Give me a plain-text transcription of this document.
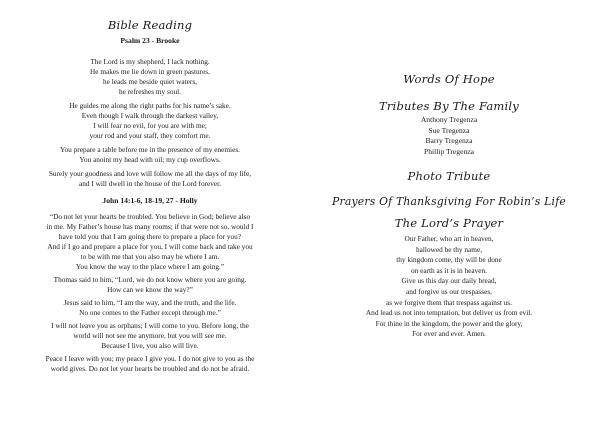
Bible Reading

Psalm 23 - Brooke

The Lord is my shepherd, I lack nothing.
He makes me lie down in green pastures,
he leads me beside quiet waters,
he refreshes my soul.

He guides me along the right paths for his name’s sake.
Even though I walk through the darkest valley,
I will fear no evil, for you are with me;
your rod and your staff, they comfort me.

You prepare a table before me in the presence of my enemies.
You anoint my head with oil; my cup overflows.

Surely your goodness and love will follow me all the days of my life,
and I will dwell in the house of the Lord forever.

John 14:1-6, 18-19, 27 - Holly

“Do not let your hearts be troubled. You believe in God; believe also
in me. My Father’s house has many rooms; if that were not so, would I
have told you that I am going there to prepare a place for you?
And if I go and prepare a place for you, I will come back and take you
to be with me that you also may be where I am.
You know the way to the place where I am going.”

Thomas said to him, “Lord, we do not know where you are going.
How can we know the way?”

Jesus said to him, “I am the way, and the truth, and the life.
No one comes to the Father except through me.”

I will not leave you as orphans; I will come to you. Before long, the
world will not see me anymore, but you will see me.
Because I live, you also will live.

Peace I leave with you; my peace I give you. I do not give to you as the
world gives. Do not let your hearts be troubled and do not be afraid.

Words Of Hope

Tributes By The Family

Anthony Tregenza
Sue Tregenza
Barry Tregenza
Phillip Tregenza

Photo Tribute

Prayers Of Thanksgiving For Robin’s Life

The Lord’s Prayer

Our Father, who art in heaven,
hallowed be thy name,
thy kingdom come, thy will be done
on earth as it is in heaven.
Give us this day our daily bread,
and forgive us our trespasses,
as we forgive them that trespass against us.
And lead us not into temptation, but deliver us from evil.
For thine in the kingdom, the power and the glory,
For ever and ever. Amen.
